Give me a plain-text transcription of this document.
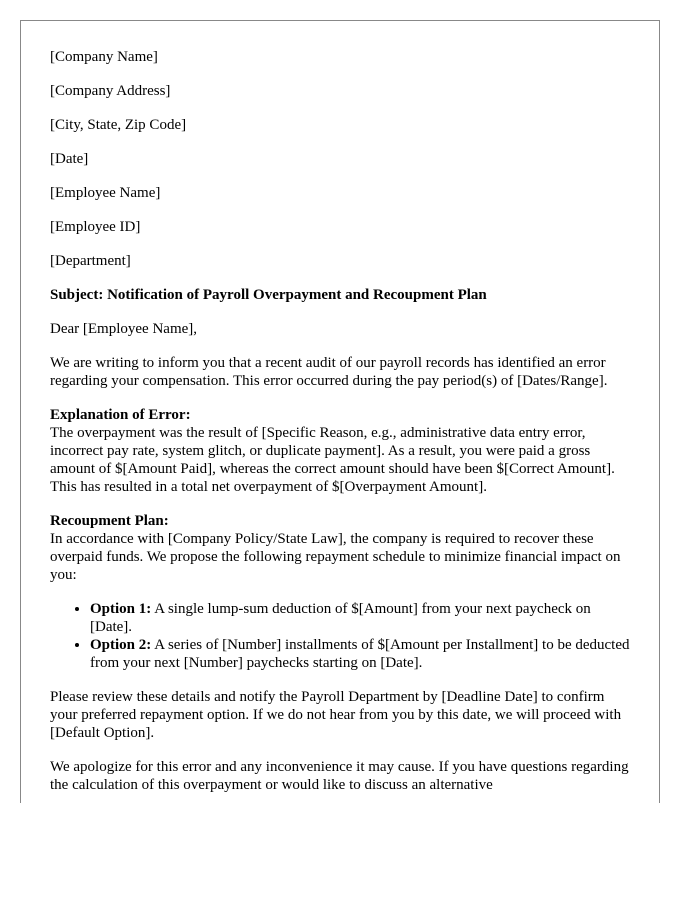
[Company Name]
[Company Address]
[City, State, Zip Code]
[Date]
[Employee Name]
[Employee ID]
[Department]
Subject: Notification of Payroll Overpayment and Recoupment Plan
Dear [Employee Name],
We are writing to inform you that a recent audit of our payroll records has identified an error regarding your compensation. This error occurred during the pay period(s) of [Dates/Range].
Explanation of Error:
The overpayment was the result of [Specific Reason, e.g., administrative data entry error, incorrect pay rate, system glitch, or duplicate payment]. As a result, you were paid a gross amount of $[Amount Paid], whereas the correct amount should have been $[Correct Amount]. This has resulted in a total net overpayment of $[Overpayment Amount].
Recoupment Plan:
In accordance with [Company Policy/State Law], the company is required to recover these overpaid funds. We propose the following repayment schedule to minimize financial impact on you:
• Option 1: A single lump-sum deduction of $[Amount] from your next paycheck on [Date].
• Option 2: A series of [Number] installments of $[Amount per Installment] to be deducted from your next [Number] paychecks starting on [Date].
Please review these details and notify the Payroll Department by [Deadline Date] to confirm your preferred repayment option. If we do not hear from you by this date, we will proceed with [Default Option].
We apologize for this error and any inconvenience it may cause. If you have questions regarding the calculation of this overpayment or would like to discuss an alternative
